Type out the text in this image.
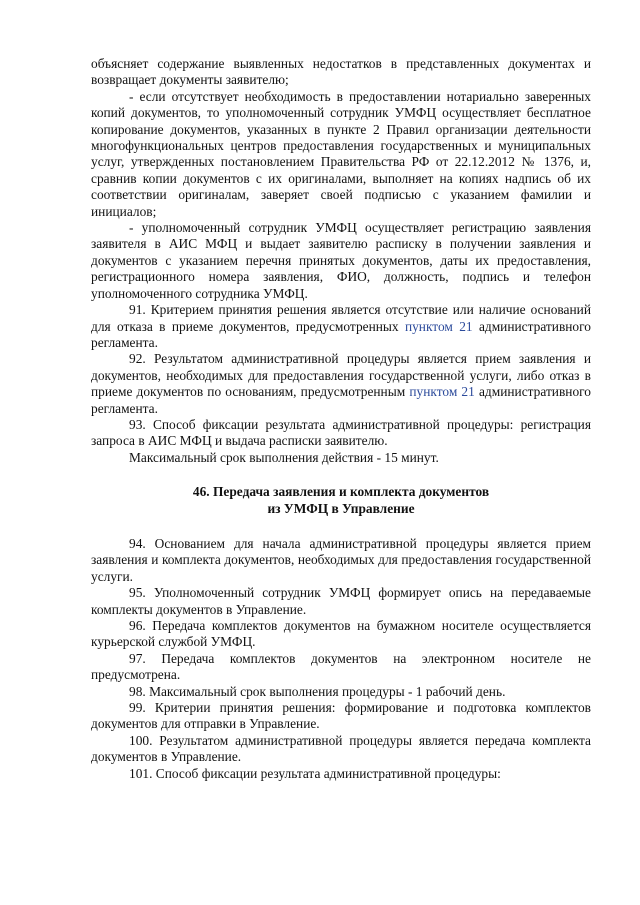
объясняет содержание выявленных недостатков в представленных документах и возвращает документы заявителю;

- если отсутствует необходимость в предоставлении нотариально заверенных копий документов, то уполномоченный сотрудник УМФЦ осуществляет бесплатное копирование документов, указанных в пункте 2 Правил организации деятельности многофункциональных центров предоставления государственных и муниципальных услуг, утвержденных постановлением Правительства РФ от 22.12.2012 № 1376, и, сравнив копии документов с их оригиналами, выполняет на копиях надпись об их соответствии оригиналам, заверяет своей подписью с указанием фамилии и инициалов;

- уполномоченный сотрудник УМФЦ осуществляет регистрацию заявления заявителя в АИС МФЦ и выдает заявителю расписку в получении заявления и документов с указанием перечня принятых документов, даты их предоставления, регистрационного номера заявления, ФИО, должность, подпись и телефон уполномоченного сотрудника УМФЦ.

91. Критерием принятия решения является отсутствие или наличие оснований для отказа в приеме документов, предусмотренных пунктом 21 административного регламента.

92. Результатом административной процедуры является прием заявления и документов, необходимых для предоставления государственной услуги, либо отказ в приеме документов по основаниям, предусмотренным пунктом 21 административного регламента.

93. Способ фиксации результата административной процедуры: регистрация запроса в АИС МФЦ и выдача расписки заявителю.

Максимальный срок выполнения действия - 15 минут.

46. Передача заявления и комплекта документов
из УМФЦ в Управление

94. Основанием для начала административной процедуры является прием заявления и комплекта документов, необходимых для предоставления государственной услуги.

95. Уполномоченный сотрудник УМФЦ формирует опись на передаваемые комплекты документов в Управление.

96. Передача комплектов документов на бумажном носителе осуществляется курьерской службой УМФЦ.

97. Передача комплектов документов на электронном носителе не предусмотрена.

98. Максимальный срок выполнения процедуры - 1 рабочий день.

99. Критерии принятия решения: формирование и подготовка комплектов документов для отправки в Управление.

100. Результатом административной процедуры является передача комплекта документов в Управление.

101. Способ фиксации результата административной процедуры:
